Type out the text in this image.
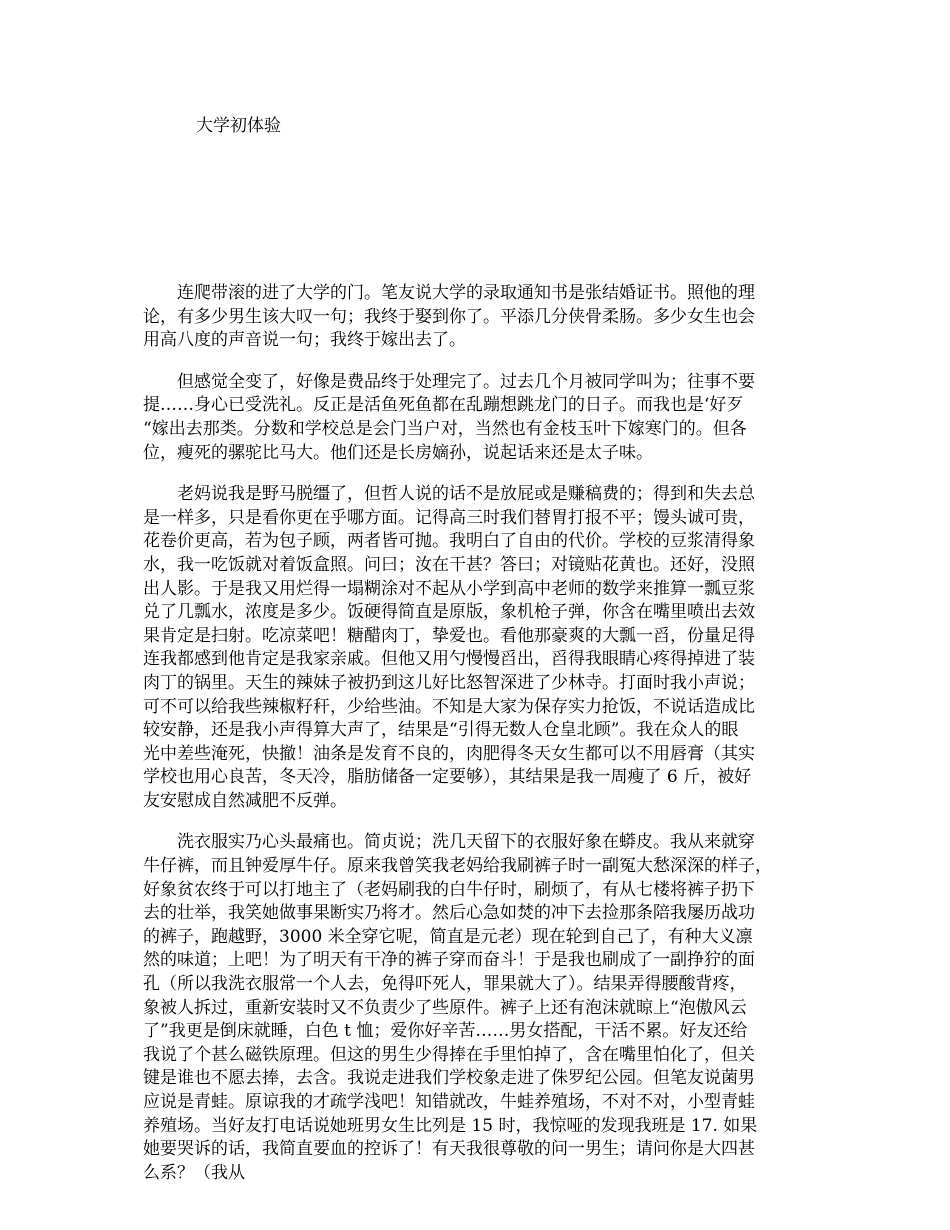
大学初体验
连爬带滚的进了大学的门。笔友说大学的录取通知书是张结婚证书。照他的理
论，有多少男生该大叹一句；我终于娶到你了。平添几分侠骨柔肠。多少女生也会
用高八度的声音说一句；我终于嫁出去了。
但感觉全变了，好像是费品终于处理完了。过去几个月被同学叫为；往事不要
提……身心已受洗礼。反正是活鱼死鱼都在乱蹦想跳龙门的日子。而我也是‘好歹
“嫁出去那类。分数和学校总是会门当户对，当然也有金枝玉叶下嫁寒门的。但各
位，瘦死的骡驼比马大。他们还是长房嫡孙，说起话来还是太子味。
老妈说我是野马脱缰了，但哲人说的话不是放屁或是赚稿费的；得到和失去总
是一样多，只是看你更在乎哪方面。记得高三时我们替胃打报不平；馒头诚可贵，
花卷价更高，若为包子顾，两者皆可抛。我明白了自由的代价。学校的豆浆清得象
水，我一吃饭就对着饭盒照。问曰；汝在干甚？答曰；对镜贴花黄也。还好，没照
出人影。于是我又用烂得一塌糊涂对不起从小学到高中老师的数学来推算一瓢豆浆
兑了几瓢水，浓度是多少。饭硬得简直是原版，象机枪子弹，你含在嘴里喷出去效
果肯定是扫射。吃凉菜吧！糖醋肉丁，挚爱也。看他那豪爽的大瓢一舀，份量足得
连我都感到他肯定是我家亲戚。但他又用勺慢慢舀出，舀得我眼睛心疼得掉进了装
肉丁的锅里。天生的辣妹子被扔到这儿好比怒智深进了少林寺。打面时我小声说；
可不可以给我些辣椒籽秆，少给些油。不知是大家为保存实力抢饭，不说话造成比
较安静，还是我小声得算大声了，结果是“引得无数人仓皇北顾”。我在众人的眼
光中差些淹死，快撤！油条是发育不良的，肉肥得冬天女生都可以不用唇膏（其实
学校也用心良苦，冬天冷，脂肪储备一定要够），其结果是我一周瘦了 6 斤，被好
友安慰成自然减肥不反弹。
洗衣服实乃心头最痛也。简贞说；洗几天留下的衣服好象在蟒皮。我从来就穿
牛仔裤，而且钟爱厚牛仔。原来我曾笑我老妈给我刷裤子时一副冤大愁深深的样子，
好象贫农终于可以打地主了（老妈刷我的白牛仔时，刷烦了，有从七楼将裤子扔下
去的壮举，我笑她做事果断实乃将才。然后心急如焚的冲下去捡那条陪我屡历战功
的裤子，跑越野，3000 米全穿它呢，简直是元老）现在轮到自己了，有种大义凛
然的味道；上吧！为了明天有干净的裤子穿而奋斗！于是我也刷成了一副挣狞的面
孔（所以我洗衣服常一个人去，免得吓死人，罪果就大了）。结果弄得腰酸背疼，
象被人拆过，重新安装时又不负责少了些原件。裤子上还有泡沫就晾上“泡傲风云
了”我更是倒床就睡，白色 t 恤；爱你好辛苦……男女搭配，干活不累。好友还给
我说了个甚么磁铁原理。但这的男生少得捧在手里怕掉了，含在嘴里怕化了，但关
键是谁也不愿去捧，去含。我说走进我们学校象走进了侏罗纪公园。但笔友说菌男
应说是青蛙。原谅我的才疏学浅吧！知错就改，牛蛙养殖场，不对不对，小型青蛙
养殖场。当好友打电话说她班男女生比列是 15 时，我惊哑的发现我班是 17. 如果
她要哭诉的话，我简直要血的控诉了！有天我很尊敬的问一男生；请问你是大四甚
么系？（我从
